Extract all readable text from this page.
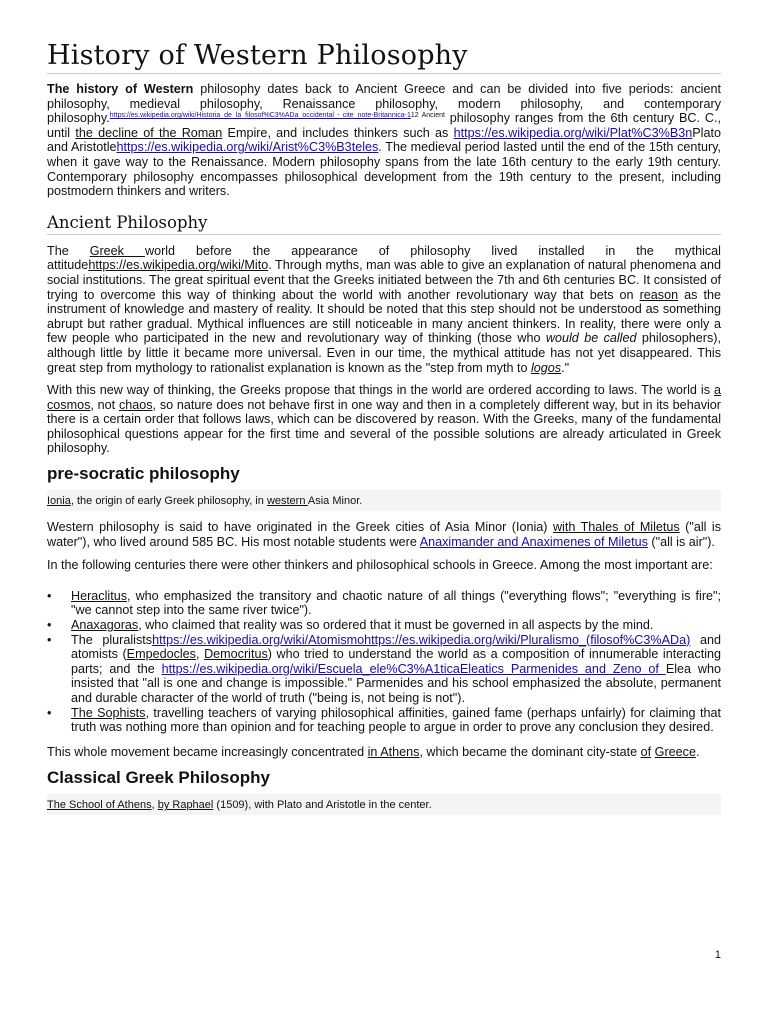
History of Western Philosophy

The history of Western philosophy dates back to Ancient Greece and can be divided into five periods: ancient philosophy, medieval philosophy, Renaissance philosophy, modern philosophy, and contemporary philosophy.$^{https://es.wikipedia.org/wiki/Historia\_de\_la\_filosof\%C3\%ADa\_occidental - cite\_note-Britannica-112}$ $^{Ancient}$ philosophy ranges from the 6th century BC. C., until the decline of the Roman Empire, and includes thinkers such as https://es.wikipedia.org/wiki/Plat%C3%B3nPlato and Aristotlehttps://es.wikipedia.org/wiki/Arist%C3%B3teles. The medieval period lasted until the end of the 15th century, when it gave way to the Renaissance. Modern philosophy spans from the late 16th century to the early 19th century. Contemporary philosophy encompasses philosophical development from the 19th century to the present, including postmodern thinkers and writers.

Ancient Philosophy

The Greek world before the appearance of philosophy lived installed in the mythical attitudehttps://es.wikipedia.org/wiki/Mito. Through myths, man was able to give an explanation of natural phenomena and social institutions. The great spiritual event that the Greeks initiated between the 7th and 6th centuries BC. It consisted of trying to overcome this way of thinking about the world with another revolutionary way that bets on reason as the instrument of knowledge and mastery of reality. It should be noted that this step should not be understood as something abrupt but rather gradual. Mythical influences are still noticeable in many ancient thinkers. In reality, there were only a few people who participated in the new and revolutionary way of thinking (those who would be called philosophers), although little by little it became more universal. Even in our time, the mythical attitude has not yet disappeared. This great step from mythology to rationalist explanation is known as the "step from myth to logos."

With this new way of thinking, the Greeks propose that things in the world are ordered according to laws. The world is a cosmos, not chaos, so nature does not behave first in one way and then in a completely different way, but in its behavior there is a certain order that follows laws, which can be discovered by reason. With the Greeks, many of the fundamental philosophical questions appear for the first time and several of the possible solutions are already articulated in Greek philosophy.

pre-socratic philosophy

Ionia, the origin of early Greek philosophy, in western Asia Minor.

Western philosophy is said to have originated in the Greek cities of Asia Minor (Ionia) with Thales of Miletus ("all is water"), who lived around 585 BC. His most notable students were Anaximander and Anaximenes of Miletus ("all is air").

In the following centuries there were other thinkers and philosophical schools in Greece. Among the most important are:

• Heraclitus, who emphasized the transitory and chaotic nature of all things ("everything flows"; "everything is fire"; "we cannot step into the same river twice").
• Anaxagoras, who claimed that reality was so ordered that it must be governed in all aspects by the mind.
• The pluralistshttps://es.wikipedia.org/wiki/Atomismohttps://es.wikipedia.org/wiki/Pluralismo_(filosof%C3%ADa) and atomists (Empedocles, Democritus) who tried to understand the world as a composition of innumerable interacting parts; and the https://es.wikipedia.org/wiki/Escuela_ele%C3%A1ticaEleatics Parmenides and Zeno of Elea who insisted that "all is one and change is impossible." Parmenides and his school emphasized the absolute, permanent and durable character of the world of truth ("being is, not being is not").
• The Sophists, travelling teachers of varying philosophical affinities, gained fame (perhaps unfairly) for claiming that truth was nothing more than opinion and for teaching people to argue in order to prove any conclusion they desired.

This whole movement became increasingly concentrated in Athens, which became the dominant city-state of Greece.

Classical Greek Philosophy

The School of Athens, by Raphael (1509), with Plato and Aristotle in the center.

1
